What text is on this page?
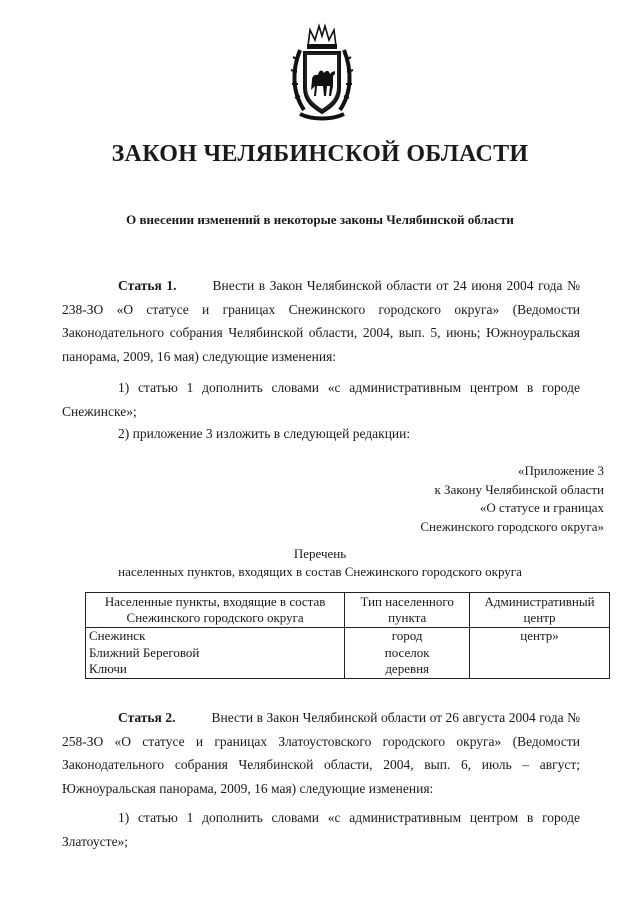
ЗАКОН ЧЕЛЯБИНСКОЙ ОБЛАСТИ
О внесении изменений в некоторые законы Челябинской области

Статья 1.	Внести в Закон Челябинской области от 24 июня 2004 года № 238-ЗО «О статусе и границах Снежинского городского округа» (Ведомости Законодательного собрания Челябинской области, 2004, вып. 5, июнь; Южноуральская панорама, 2009, 16 мая) следующие изменения:

1) статью 1 дополнить словами «с административным центром в городе Снежинске»;

2) приложение 3 изложить в следующей редакции:

«Приложение 3
к Закону Челябинской области
«О статусе и границах
Снежинского городского округа»
Перечень
населенных пунктов, входящих в состав Снежинского городского округа
Населенные пункты, входящие в состав Снежинского городского округа	Тип населенного пункта	Административный центр
Снежинск	город	центр»
Ближний Береговой	поселок	
Ключи	деревня	

Статья 2.	Внести в Закон Челябинской области от 26 августа 2004 года № 258-ЗО «О статусе и границах Златоустовского городского округа» (Ведомости Законодательного собрания Челябинской области, 2004, вып. 6, июль – август; Южноуральская панорама, 2009, 16 мая) следующие изменения:

1) статью 1 дополнить словами «с административным центром в городе Златоусте»;
